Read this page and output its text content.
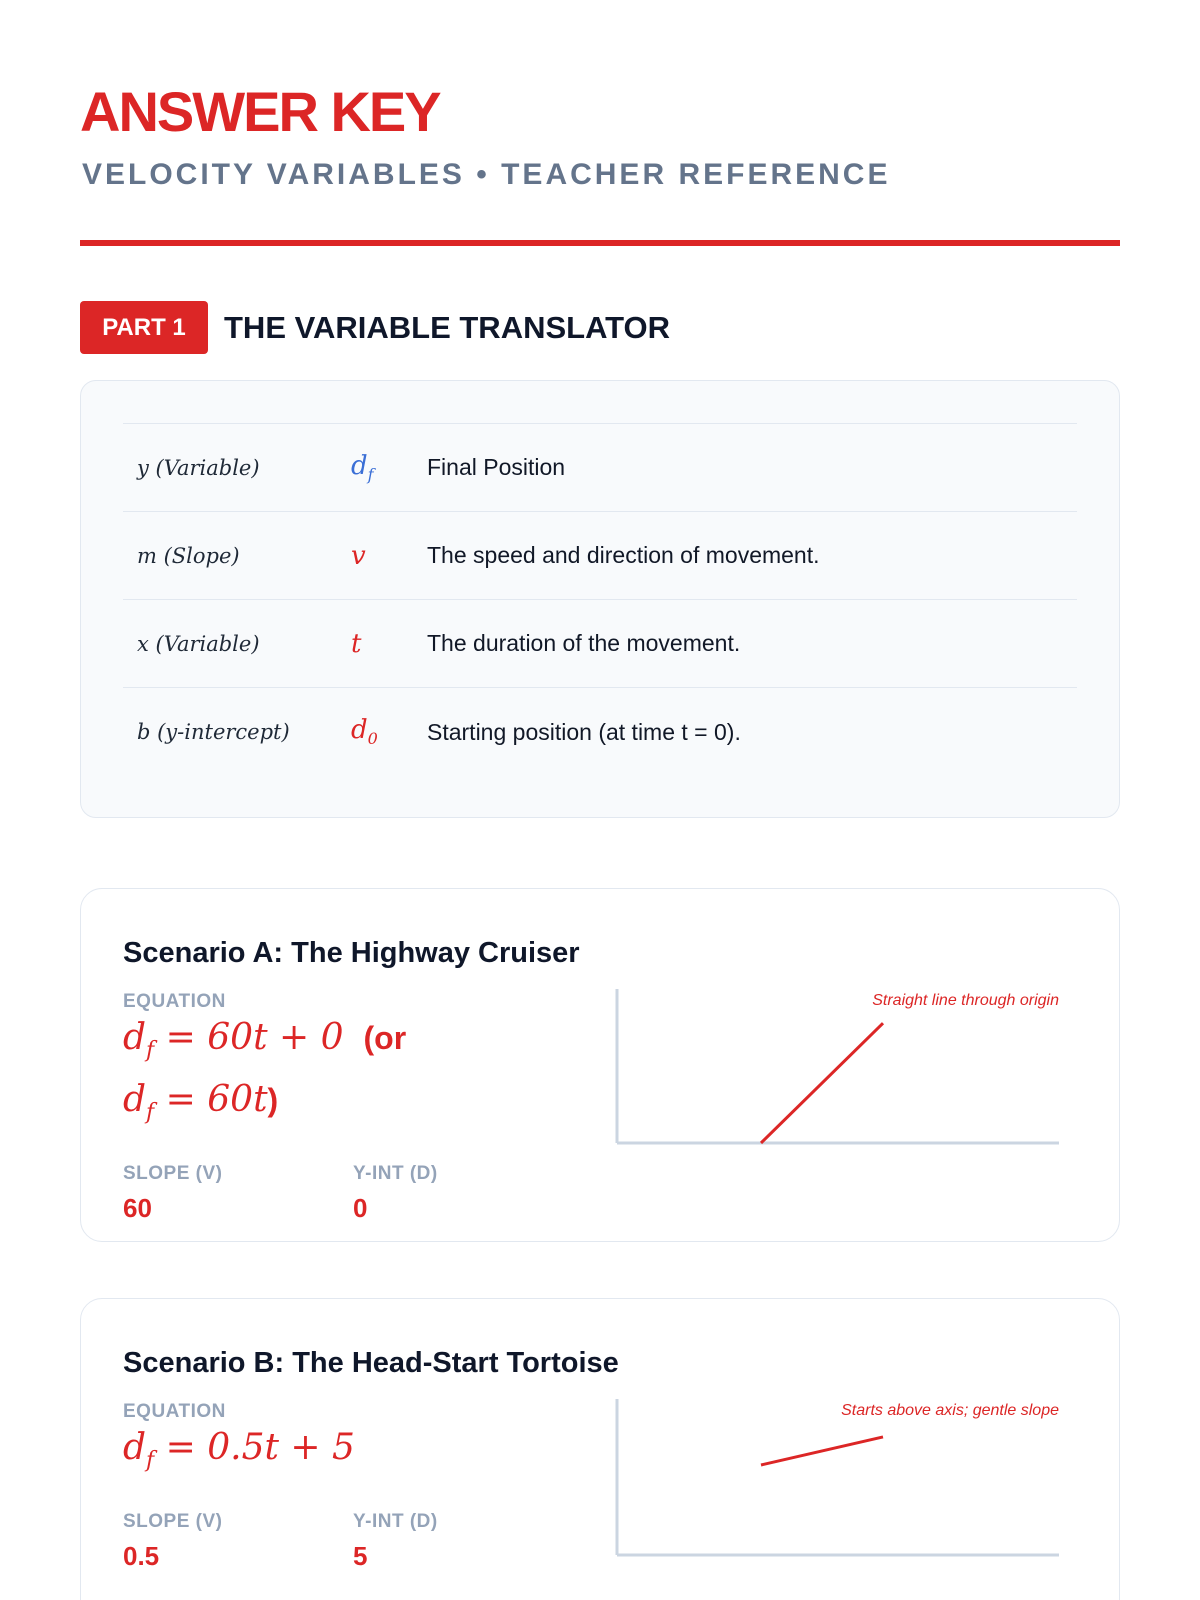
ANSWER KEY
VELOCITY VARIABLES • TEACHER REFERENCE
PART 1	THE VARIABLE TRANSLATOR
y (Variable)	$d_f$	Final Position
m (Slope)	v	The speed and direction of movement.
x (Variable)	t	The duration of the movement.
b (y-intercept)	$d_0$	Starting position (at time t = 0).
Scenario A: The Highway Cruiser
EQUATION
$d_f = 60t + 0$ (or
$d_f = 60t$)
SLOPE (V)
60
Y-INT (D)
0
Straight line through origin
Scenario B: The Head-Start Tortoise
EQUATION
$d_f = 0.5t + 5$
SLOPE (V)
0.5
Y-INT (D)
5
Starts above axis; gentle slope
